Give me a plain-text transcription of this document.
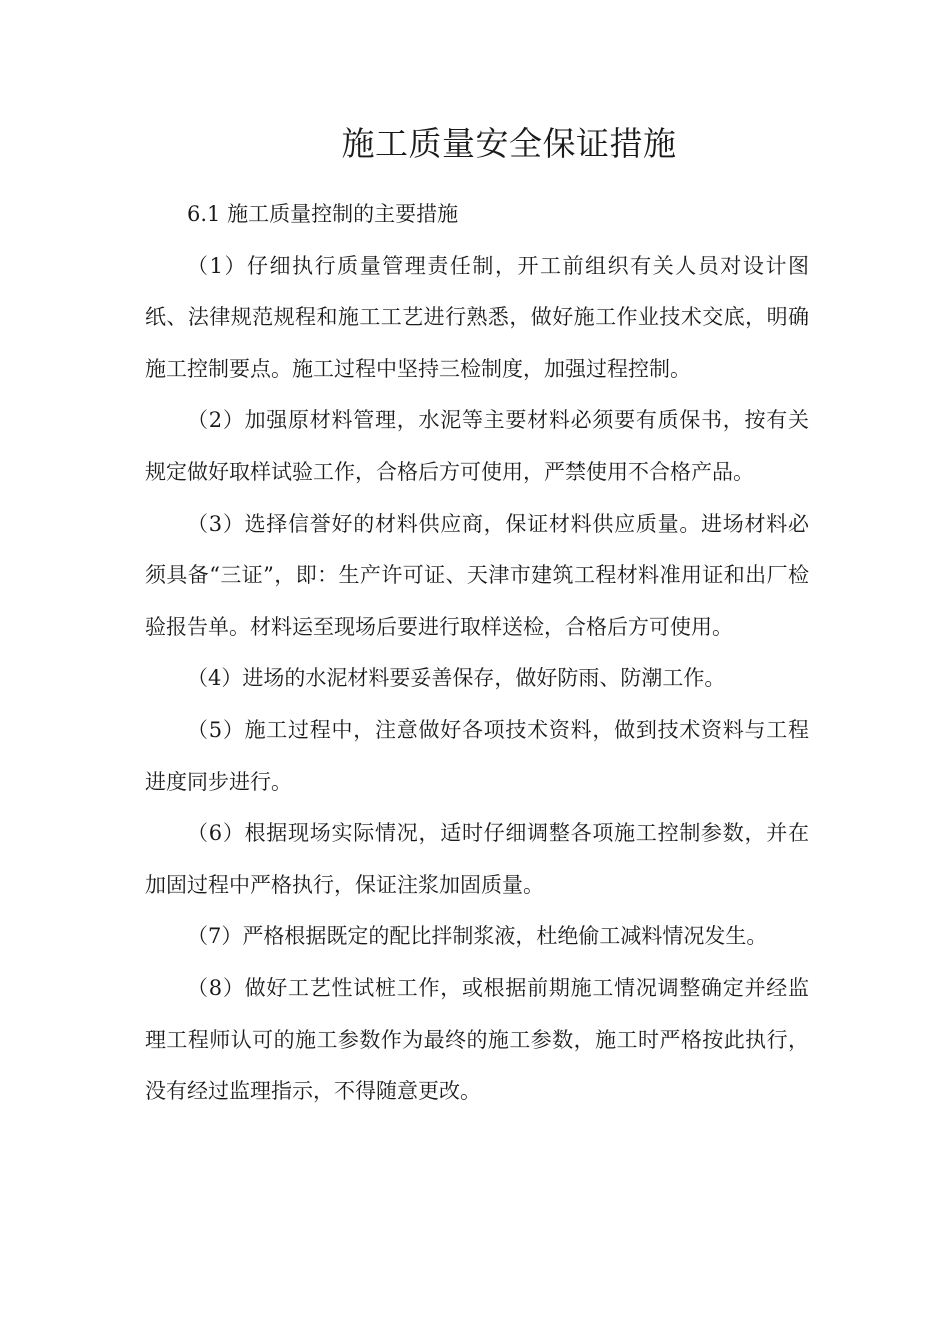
施工质量安全保证措施

6.1 施工质量控制的主要措施

（1）仔细执行质量管理责任制，开工前组织有关人员对设计图纸、法律规范规程和施工工艺进行熟悉，做好施工作业技术交底，明确施工控制要点。施工过程中坚持三检制度，加强过程控制。

（2）加强原材料管理，水泥等主要材料必须要有质保书，按有关规定做好取样试验工作，合格后方可使用，严禁使用不合格产品。

（3）选择信誉好的材料供应商，保证材料供应质量。进场材料必须具备“三证”，即：生产许可证、天津市建筑工程材料准用证和出厂检验报告单。材料运至现场后要进行取样送检，合格后方可使用。

（4）进场的水泥材料要妥善保存，做好防雨、防潮工作。

（5）施工过程中，注意做好各项技术资料，做到技术资料与工程进度同步进行。

（6）根据现场实际情况，适时仔细调整各项施工控制参数，并在加固过程中严格执行，保证注浆加固质量。

（7）严格根据既定的配比拌制浆液，杜绝偷工减料情况发生。

（8）做好工艺性试桩工作，或根据前期施工情况调整确定并经监理工程师认可的施工参数作为最终的施工参数，施工时严格按此执行，没有经过监理指示，不得随意更改。
